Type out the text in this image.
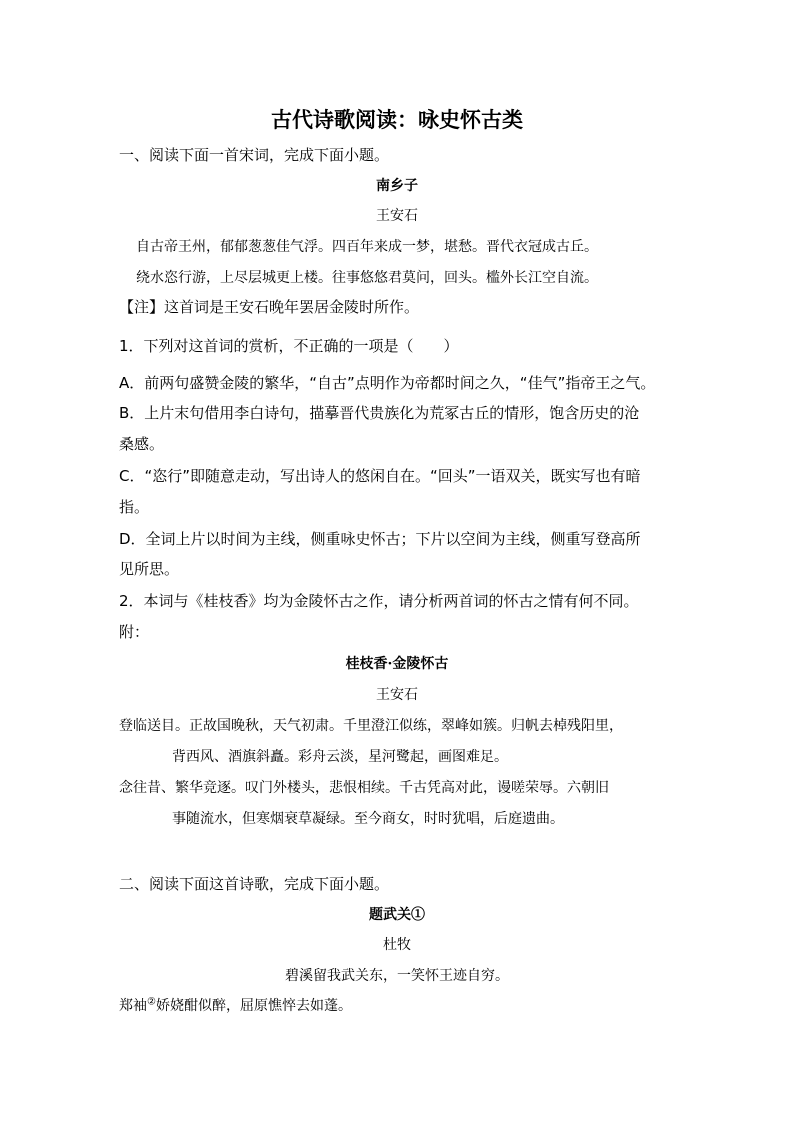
古代诗歌阅读：咏史怀古类
一、阅读下面一首宋词，完成下面小题。
南乡子
王安石
自古帝王州，郁郁葱葱佳气浮。四百年来成一梦，堪愁。晋代衣冠成古丘。
绕水恣行游，上尽层城更上楼。往事悠悠君莫问，回头。槛外长江空自流。
【注】这首词是王安石晚年罢居金陵时所作。
1．下列对这首词的赏析，不正确的一项是（　　）
A．前两句盛赞金陵的繁华，“自古”点明作为帝都时间之久，“佳气”指帝王之气。
B．上片末句借用李白诗句，描摹晋代贵族化为荒冢古丘的情形，饱含历史的沧
桑感。
C．“恣行”即随意走动，写出诗人的悠闲自在。“回头”一语双关，既实写也有暗
指。
D．全词上片以时间为主线，侧重咏史怀古；下片以空间为主线，侧重写登高所
见所思。
2．本词与《桂枝香》均为金陵怀古之作，请分析两首词的怀古之情有何不同。
附：
桂枝香·金陵怀古
王安石
登临送目。正故国晚秋，天气初肃。千里澄江似练，翠峰如簇。归帆去棹残阳里，
背西风、酒旗斜矗。彩舟云淡，星河鹭起，画图难足。
念往昔、繁华竞逐。叹门外楼头，悲恨相续。千古凭高对此，谩嗟荣辱。六朝旧
事随流水，但寒烟衰草凝绿。至今商女，时时犹唱，后庭遗曲。
二、阅读下面这首诗歌，完成下面小题。
题武关①
杜牧
碧溪留我武关东，一笑怀王迹自穷。
郑袖②娇娆酣似醉，屈原憔悴去如蓬。
